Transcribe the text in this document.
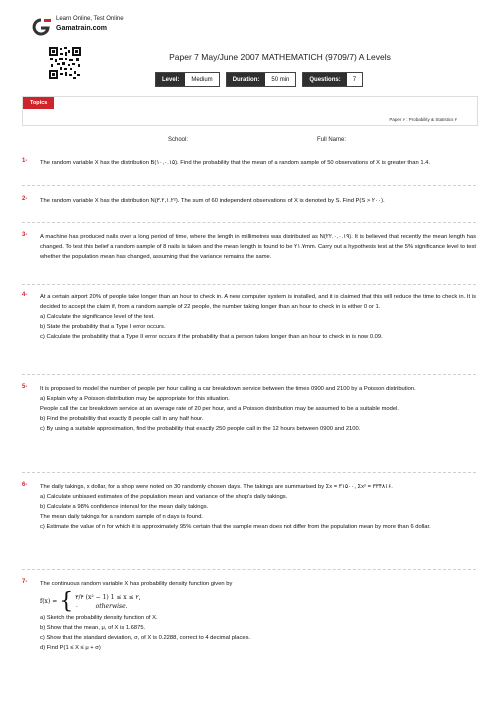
Learn Online, Test Online
Gamatrain.com
Paper 7 May/June 2007 MATHEMATICH (9709/7) A Levels
Level:	Medium	Duration:	50 min	Questions:	7
Topics
Paper ۶ : Probability & Statistics ۲
School:	Full Name:
1- The random variable X has the distribution B(۱۰,۰.۱۵). Find the probability that the mean of a random sample of 50 observations of X is greater than 1.4.

2- The random variable X has the distribution N(۳.۲,۱.۲²). The sum of 60 independent observations of X is denoted by S. Find P(S > ۲۰۰).

3- A machine has produced nails over a long period of time, where the length in millimetres was distributed as N(۲۲.۰,۰.۱۹). It is believed that recently the mean length has changed. To test this belief a random sample of 8 nails is taken and the mean length is found to be ۲۱.۷mm. Carry out a hypothesis test at the 5% significance level to test whether the population mean has changed, assuming that the variance remains the same.

4- At a certain airport 20% of people take longer than an hour to check in. A new computer system is installed, and it is claimed that this will reduce the time to check in. It is decided to accept the claim if, from a random sample of 22 people, the number taking longer than an hour to check in is either 0 or 1.

a) Calculate the significance level of the test.

b) State the probability that a Type I error occurs.

c) Calculate the probability that a Type II error occurs if the probability that a person takes longer than an hour to check in is now 0.09.

5- It is proposed to model the number of people per hour calling a car breakdown service between the times 0900 and 2100 by a Poisson distribution.

a) Explain why a Poisson distribution may be appropriate for this situation.

People call the car breakdown service at an average rate of 20 per hour, and a Poisson distribution may be assumed to be a suitable model.

b) Find the probability that exactly 8 people call in any half hour.

c) By using a suitable approximation, find the probability that exactly 250 people call in the 12 hours between 0900 and 2100.

6- The daily takings, x dollar, for a shop were noted on 30 randomly chosen days. The takings are summarised by Σx = ۳۱۵۰۰, Σx² = ۳۳۴۸۱۶.

a) Calculate unbiased estimates of the population mean and variance of the shop's daily takings.

b) Calculate a 98% confidence interval for the mean daily takings.

The mean daily takings for a random sample of n days is found.

c) Estimate the value of n for which it is approximately 95% certain that the sample mean does not differ from the population mean by more than 6 dollar.

7- The continuous random variable X has probability density function given by

f(x) = { ۳/۴ (x² − 1) 1 ≤ x ≤ ۲,
۰	otherwise.

a) Sketch the probability density function of X.

b) Show that the mean, μ, of X is 1.6875.

c) Show that the standard deviation, σ, of X is 0.2288, correct to 4 decimal places.

d) Find P(1 ≤ X ≤ μ + σ)
